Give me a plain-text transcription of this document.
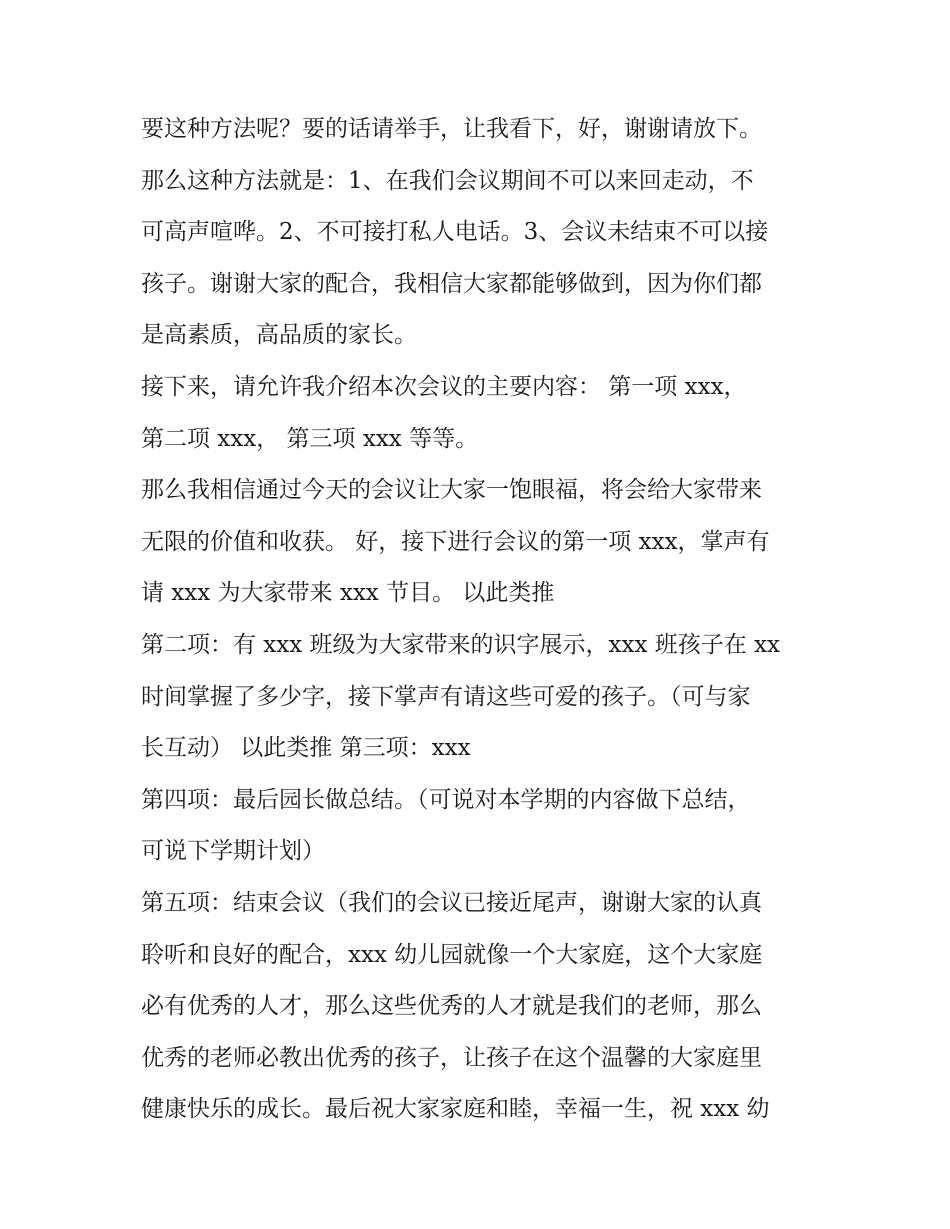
要这种方法呢？要的话请举手，让我看下，好，谢谢请放下。
那么这种方法就是：1、在我们会议期间不可以来回走动，不
可高声喧哗。2、不可接打私人电话。3、会议未结束不可以接
孩子。谢谢大家的配合，我相信大家都能够做到，因为你们都
是高素质，高品质的家长。
接下来，请允许我介绍本次会议的主要内容： 第一项 xxx，
第二项 xxx， 第三项 xxx 等等。
那么我相信通过今天的会议让大家一饱眼福，将会给大家带来
无限的价值和收获。 好，接下进行会议的第一项 xxx，掌声有
请 xxx 为大家带来 xxx 节目。 以此类推
第二项：有 xxx 班级为大家带来的识字展示，xxx 班孩子在 xx
时间掌握了多少字，接下掌声有请这些可爱的孩子。（可与家
长互动） 以此类推 第三项：xxx
第四项：最后园长做总结。（可说对本学期的内容做下总结，
可说下学期计划）
第五项：结束会议（我们的会议已接近尾声，谢谢大家的认真
聆听和良好的配合，xxx 幼儿园就像一个大家庭，这个大家庭
必有优秀的人才，那么这些优秀的人才就是我们的老师，那么
优秀的老师必教出优秀的孩子，让孩子在这个温馨的大家庭里
健康快乐的成长。最后祝大家家庭和睦，幸福一生，祝 xxx 幼
